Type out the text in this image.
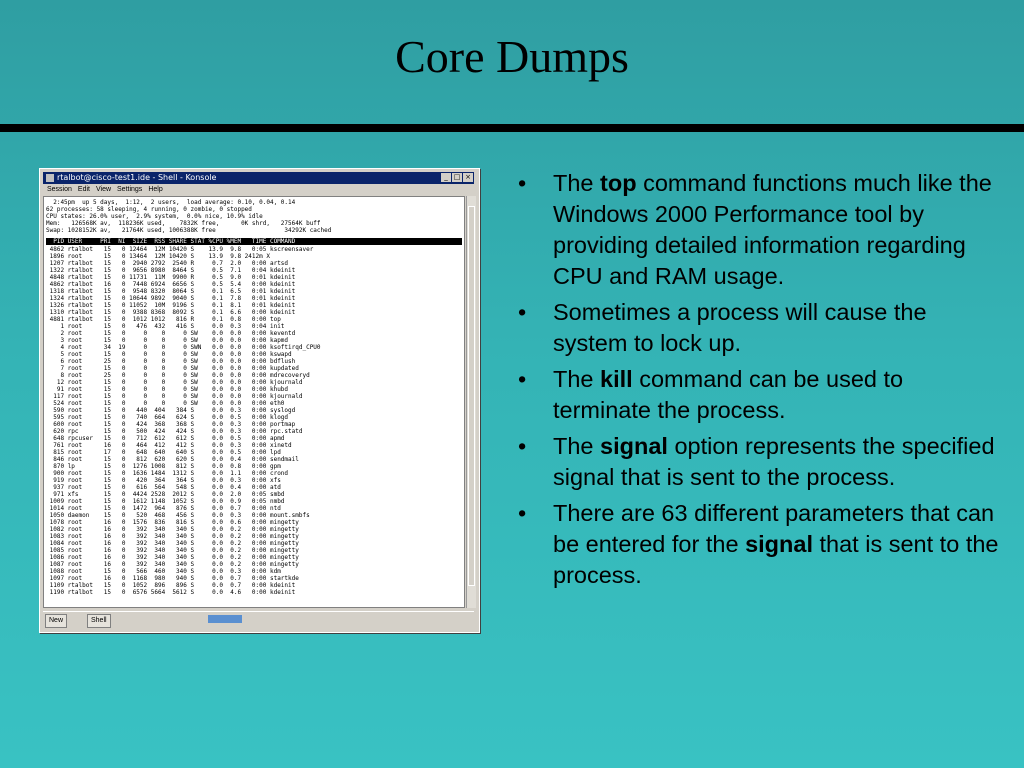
Core Dumps
rtalbot@cisco-test1.ide - Shell - Konsole	_ □ ×
Session Edit View Settings Help
2:45pm  up 5 days,  1:12,  2 users,  load average: 0.10, 0.04, 0.14
62 processes: 58 sleeping, 4 running, 0 zombie, 0 stopped
CPU states: 26.0% user,  2.9% system,  0.0% nice, 10.9% idle
Mem:   126568K av,  118236K used,    7832K free,      0K shrd,   27564K buff
Swap: 1028152K av,   21764K used, 1006388K free                   34292K cached
PID USER     PRI  NI  SIZE  RSS SHARE STAT %CPU %MEM   TIME COMMAND
4862 rtalbot   15   0 12464  12M 10420 S    13.9  9.8   0:05 kscreensaver
1896 root      15   0 13464  12M 10420 S    13.9  9.8 2412m X
1207 rtalbot   15   0  2940 2792  2540 R     0.7  2.0   0:00 artsd
1322 rtalbot   15   0  9656 8980  8464 S     0.5  7.1   0:04 kdeinit
4848 rtalbot   15   0 11731  11M  9900 R     0.5  9.0   0:01 kdeinit
4862 rtalbot   16   0  7448 6924  6656 S     0.5  5.4   0:00 kdeinit
1318 rtalbot   15   0  9548 8320  8064 S     0.1  6.5   0:01 kdeinit
1324 rtalbot   15   0 10644 9892  9040 S     0.1  7.8   0:01 kdeinit
1326 rtalbot   15   0 11052  10M  9196 S     0.1  8.1   0:01 kdeinit
1310 rtalbot   15   0  9388 8368  8092 S     0.1  6.6   0:00 kdeinit
4881 rtalbot   15   0  1012 1012   816 R     0.1  0.8   0:00 top
1 root      15   0   476  432   416 S     0.0  0.3   0:04 init
2 root      15   0     0    0     0 SW    0.0  0.0   0:00 keventd
3 root      15   0     0    0     0 SW    0.0  0.0   0:00 kapmd
4 root      34  19     0    0     0 SWN   0.0  0.0   0:00 ksoftirqd_CPU0
5 root      15   0     0    0     0 SW    0.0  0.0   0:00 kswapd
6 root      25   0     0    0     0 SW    0.0  0.0   0:00 bdflush
7 root      15   0     0    0     0 SW    0.0  0.0   0:00 kupdated
8 root      25   0     0    0     0 SW    0.0  0.0   0:00 mdrecoveryd
12 root      15   0     0    0     0 SW    0.0  0.0   0:00 kjournald
91 root      15   0     0    0     0 SW    0.0  0.0   0:00 khubd
117 root      15   0     0    0     0 SW    0.0  0.0   0:00 kjournald
524 root      15   0     0    0     0 SW    0.0  0.0   0:00 eth0
590 root      15   0   440  404   384 S     0.0  0.3   0:00 syslogd
595 root      15   0   740  664   624 S     0.0  0.5   0:00 klogd
600 root      15   0   424  368   368 S     0.0  0.3   0:00 portmap
620 rpc       15   0   500  424   424 S     0.0  0.3   0:00 rpc.statd
648 rpcuser   15   0   712  612   612 S     0.0  0.5   0:00 apmd
761 root      16   0   464  412   412 S     0.0  0.3   0:00 xinetd
815 root      17   0   648  640   640 S     0.0  0.5   0:00 lpd
846 root      15   0   812  620   620 S     0.0  0.4   0:00 sendmail
870 lp        15   0  1276 1008   812 S     0.0  0.8   0:00 gpm
900 root      15   0  1636 1484  1312 S     0.0  1.1   0:00 crond
919 root      15   0   420  364   364 S     0.0  0.3   0:00 xfs
937 root      15   0   616  564   548 S     0.0  0.4   0:00 atd
971 xfs       15   0  4424 2528  2012 S     0.0  2.0   0:05 smbd
1009 root      15   0  1612 1148  1052 S     0.0  0.9   0:05 nmbd
1014 root      15   0  1472  964   876 S     0.0  0.7   0:00 ntd
1050 daemon    15   0   520  468   456 S     0.0  0.3   0:00 mount.smbfs
1078 root      16   0  1576  836   816 S     0.0  0.6   0:00 mingetty
1082 root      16   0   392  340   340 S     0.0  0.2   0:00 mingetty
1083 root      16   0   392  340   340 S     0.0  0.2   0:00 mingetty
1084 root      16   0   392  340   340 S     0.0  0.2   0:00 mingetty
1085 root      16   0   392  340   340 S     0.0  0.2   0:00 mingetty
1086 root      16   0   392  340   340 S     0.0  0.2   0:00 mingetty
1087 root      16   0   392  340   340 S     0.0  0.2   0:00 mingetty
1088 root      15   0   566  460   340 S     0.0  0.3   0:00 kdm
1097 root      16   0  1168  980   940 S     0.0  0.7   0:00 startkde
1109 rtalbot   15   0  1052  896   896 S     0.0  0.7   0:00 kdeinit
1190 rtalbot   15   0  6576 5664  5612 S     0.0  4.6   0:00 kdeinit
New	Shell
• The top command functions much like the Windows 2000 Performance tool by providing detailed information regarding CPU and RAM usage.
• Sometimes a process will cause the system to lock up.
• The kill command can be used to terminate the process.
• The signal option represents the specified signal that is sent to the process.
• There are 63 different parameters that can be entered for the signal that is sent to the process.
